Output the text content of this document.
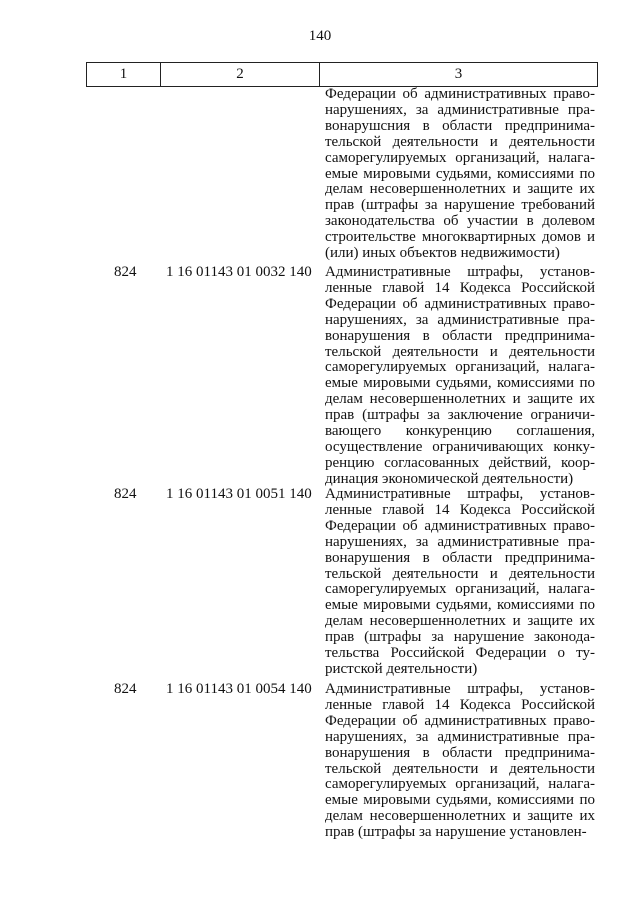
140
1	2	3
Федерации об административных право-
нарушениях, за административные пра-
вонарушсния в области предпринима-
тельской деятельности и деятельности
саморегулируемых организаций, налага-
емые мировыми судьями, комиссиями по
делам несовершеннолетних и защите их
прав (штрафы за нарушение требований
законодательства об участии в долевом
строительстве многоквартирных домов и
(или) иных объектов недвижимости)
824	1 16 01143 01 0032 140 Административные штрафы, установ-
ленные главой 14 Кодекса Российской
Федерации об административных право-
нарушениях, за административные пра-
вонарушения в области предпринима-
тельской деятельности и деятельности
саморегулируемых организаций, налага-
емые мировыми судьями, комиссиями по
делам несовершеннолетних и защите их
прав (штрафы за заключение ограничи-
вающего конкуренцию соглашения,
осуществление ограничивающих конку-
ренцию согласованных действий, коор-
динация экономической деятельности)
824	1 16 01143 01 0051 140 Административные штрафы, установ-
ленные главой 14 Кодекса Российской
Федерации об административных право-
нарушениях, за административные пра-
вонарушения в области предпринима-
тельской деятельности и деятельности
саморегулируемых организаций, налага-
емые мировыми судьями, комиссиями по
делам несовершеннолетних и защите их
прав (штрафы за нарушение законода-
тельства Российской Федерации о ту-
ристской деятельности)
824	1 16 01143 01 0054 140 Административные штрафы, установ-
ленные главой 14 Кодекса Российской
Федерации об административных право-
нарушениях, за административные пра-
вонарушения в области предпринима-
тельской деятельности и деятельности
саморегулируемых организаций, налага-
емые мировыми судьями, комиссиями по
делам несовершеннолетних и защите их
прав (штрафы за нарушение установлен-
